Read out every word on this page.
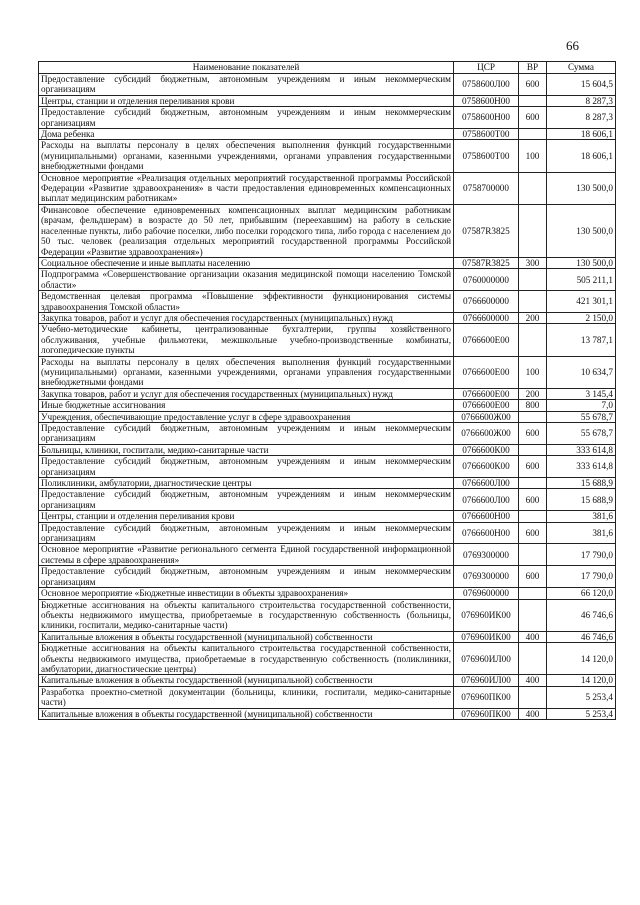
66
Наименование показателей	ЦСР	ВР	Сумма
Предоставление субсидий бюджетным, автономным учреждениям и иным некоммерческим организациям	0758600Л00	600	15 604,5
Центры, станции и отделения переливания крови	0758600Н00		8 287,3
Предоставление субсидий бюджетным, автономным учреждениям и иным некоммерческим организациям	0758600Н00	600	8 287,3
Дома ребенка	0758600Т00		18 606,1
Расходы на выплаты персоналу в целях обеспечения выполнения функций государственными (муниципальными) органами, казенными учреждениями, органами управления государственными внебюджетными фондами	0758600Т00	100	18 606,1
Основное мероприятие «Реализация отдельных мероприятий государственной программы Российской Федерации «Развитие здравоохранения» в части предоставления единовременных компенсационных выплат медицинским работникам»	0758700000		130 500,0
Финансовое обеспечение единовременных компенсационных выплат медицинским работникам (врачам, фельдшерам) в возрасте до 50 лет, прибывшим (переехавшим) на работу в сельские населенные пункты, либо рабочие поселки, либо поселки городского типа, либо города с населением до 50 тыс. человек (реализация отдельных мероприятий государственной программы Российской Федерации «Развитие здравоохранения»)	07587R3825		130 500,0
Социальное обеспечение и иные выплаты населению	07587R3825	300	130 500,0
Подпрограмма «Совершенствование организации оказания медицинской помощи населению Томской области»	0760000000		505 211,1
Ведомственная целевая программа «Повышение эффективности функционирования системы здравоохранения Томской области»	0766600000		421 301,1
Закупка товаров, работ и услуг для обеспечения государственных (муниципальных) нужд	0766600000	200	2 150,0
Учебно-методические кабинеты, централизованные бухгалтерии, группы хозяйственного обслуживания, учебные фильмотеки, межшкольные учебно-производственные комбинаты, логопедические пункты	0766600Е00		13 787,1
Расходы на выплаты персоналу в целях обеспечения выполнения функций государственными (муниципальными) органами, казенными учреждениями, органами управления государственными внебюджетными фондами	0766600Е00	100	10 634,7
Закупка товаров, работ и услуг для обеспечения государственных (муниципальных) нужд	0766600Е00	200	3 145,4
Иные бюджетные ассигнования	0766600Е00	800	7,0
Учреждения, обеспечивающие предоставление услуг в сфере здравоохранения	0766600Ж00		55 678,7
Предоставление субсидий бюджетным, автономным учреждениям и иным некоммерческим организациям	0766600Ж00	600	55 678,7
Больницы, клиники, госпитали, медико-санитарные части	0766600К00		333 614,8
Предоставление субсидий бюджетным, автономным учреждениям и иным некоммерческим организациям	0766600К00	600	333 614,8
Поликлиники, амбулатории, диагностические центры	0766600Л00		15 688,9
Предоставление субсидий бюджетным, автономным учреждениям и иным некоммерческим организациям	0766600Л00	600	15 688,9
Центры, станции и отделения переливания крови	0766600Н00		381,6
Предоставление субсидий бюджетным, автономным учреждениям и иным некоммерческим организациям	0766600Н00	600	381,6
Основное мероприятие «Развитие регионального сегмента Единой государственной информационной системы в сфере здравоохранения»	0769300000		17 790,0
Предоставление субсидий бюджетным, автономным учреждениям и иным некоммерческим организациям	0769300000	600	17 790,0
Основное мероприятие «Бюджетные инвестиции в объекты здравоохранения»	0769600000		66 120,0
Бюджетные ассигнования на объекты капитального строительства государственной собственности, объекты недвижимого имущества, приобретаемые в государственную собственность (больницы, клиники, госпитали, медико-санитарные части)	076960ИК00		46 746,6
Капитальные вложения в объекты государственной (муниципальной) собственности	076960ИК00	400	46 746,6
Бюджетные ассигнования на объекты капитального строительства государственной собственности, объекты недвижимого имущества, приобретаемые в государственную собственность (поликлиники, амбулатории, диагностические центры)	076960ИЛ00		14 120,0
Капитальные вложения в объекты государственной (муниципальной) собственности	076960ИЛ00	400	14 120,0
Разработка проектно-сметной документации (больницы, клиники, госпитали, медико-санитарные части)	076960ПК00		5 253,4
Капитальные вложения в объекты государственной (муниципальной) собственности	076960ПК00	400	5 253,4
